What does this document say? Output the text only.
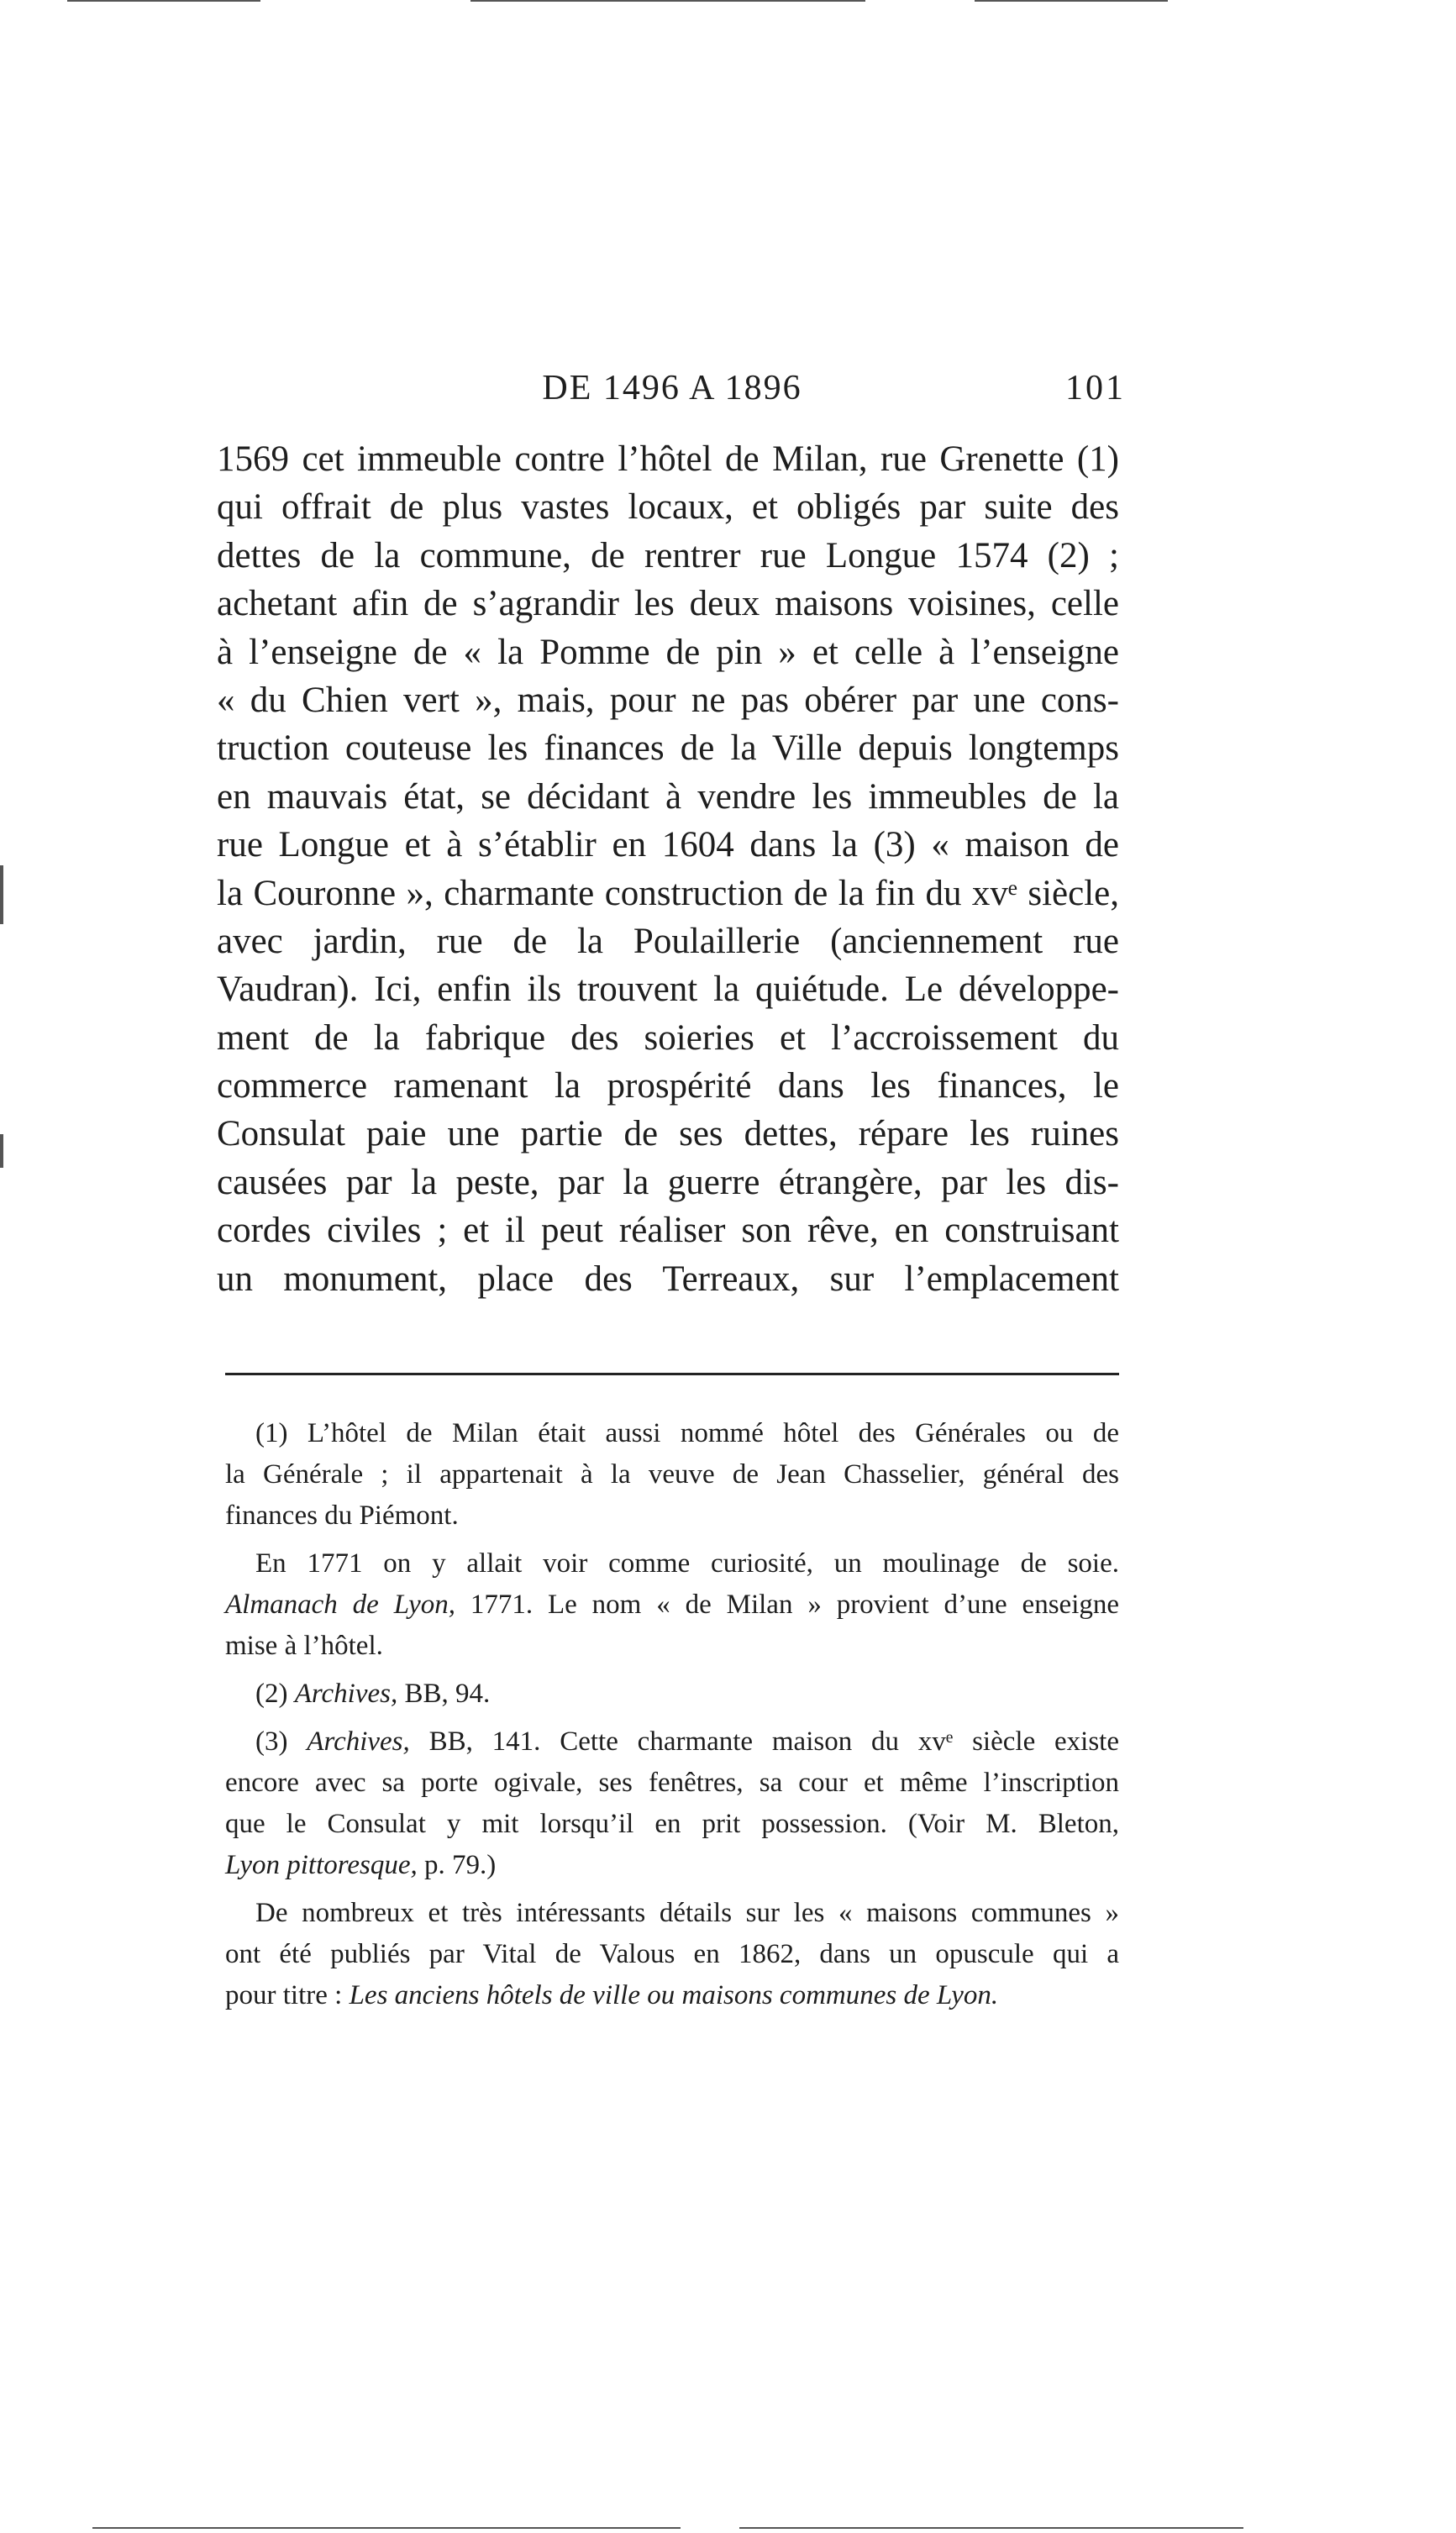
DE 1496 A 1896	101
1569 cet immeuble contre l’hôtel de Milan, rue Grenette (1)
qui offrait de plus vastes locaux, et obligés par suite des
dettes de la commune, de rentrer rue Longue 1574 (2) ;
achetant afin de s’agrandir les deux maisons voisines, celle
à l’enseigne de « la Pomme de pin » et celle à l’enseigne
« du Chien vert », mais, pour ne pas obérer par une cons-
truction couteuse les finances de la Ville depuis longtemps
en mauvais état, se décidant à vendre les immeubles de la
rue Longue et à s’établir en 1604 dans la (3) « maison de
la Couronne », charmante construction de la fin du xvᵉ siècle,
avec jardin, rue de la Poulaillerie (anciennement rue
Vaudran). Ici, enfin ils trouvent la quiétude. Le développe-
ment de la fabrique des soieries et l’accroissement du
commerce ramenant la prospérité dans les finances, le
Consulat paie une partie de ses dettes, répare les ruines
causées par la peste, par la guerre étrangère, par les dis-
cordes civiles ; et il peut réaliser son rêve, en construisant
un monument, place des Terreaux, sur l’emplacement
(1) L’hôtel de Milan était aussi nommé hôtel des Générales ou de
la Générale ; il appartenait à la veuve de Jean Chasselier, général des
finances du Piémont.
En 1771 on y allait voir comme curiosité, un moulinage de soie.
Almanach de Lyon, 1771. Le nom « de Milan » provient d’une enseigne
mise à l’hôtel.
(2) Archives, BB, 94.
(3) Archives, BB, 141. Cette charmante maison du xvᵉ siècle existe
encore avec sa porte ogivale, ses fenêtres, sa cour et même l’inscription
que le Consulat y mit lorsqu’il en prit possession. (Voir M. Bleton,
Lyon pittoresque, p. 79.)
De nombreux et très intéressants détails sur les « maisons communes »
ont été publiés par Vital de Valous en 1862, dans un opuscule qui a
pour titre : Les anciens hôtels de ville ou maisons communes de Lyon.
